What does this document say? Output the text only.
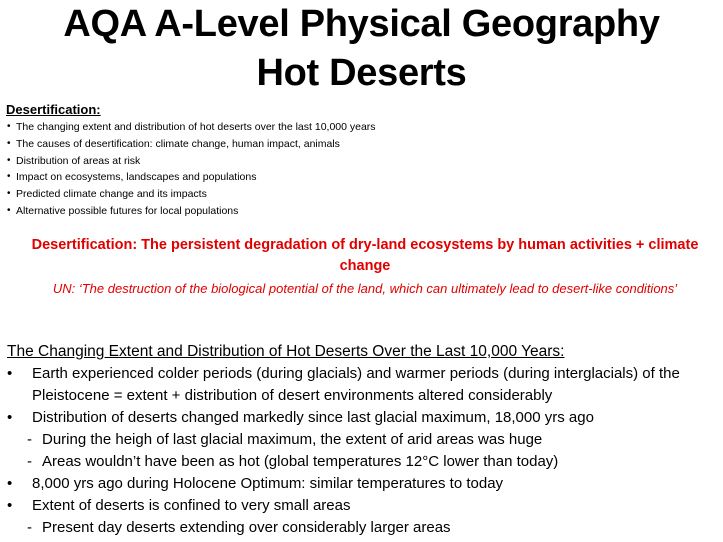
AQA A-Level Physical Geography
Hot Deserts
Desertification:
• The changing extent and distribution of hot deserts over the last 10,000 years
• The causes of desertification: climate change, human impact, animals
• Distribution of areas at risk
• Impact on ecosystems, landscapes and populations
• Predicted climate change and its impacts
• Alternative possible futures for local populations
Desertification: The persistent degradation of dry-land ecosystems by human activities + climate change
UN: ‘The destruction of the biological potential of the land, which can ultimately lead to desert-like conditions’
The Changing Extent and Distribution of Hot Deserts Over the Last 10,000 Years:
• Earth experienced colder periods (during glacials) and warmer periods (during interglacials) of the Pleistocene = extent + distribution of desert environments altered considerably
• Distribution of deserts changed markedly since last glacial maximum, 18,000 yrs ago
- During the heigh of last glacial maximum, the extent of arid areas was huge
- Areas wouldn’t have been as hot (global temperatures 12°C lower than today)
• 8,000 yrs ago during Holocene Optimum: similar temperatures to today
• Extent of deserts is confined to very small areas
- Present day deserts extending over considerably larger areas
